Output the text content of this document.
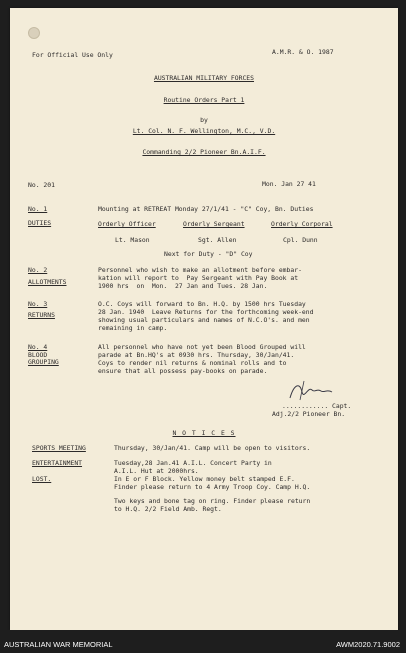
For Official Use Only	A.M.R. & O. 1987
AUSTRALIAN MILITARY FORCES
Routine Orders Part 1
by
Lt. Col. N. F. Wellington, M.C., V.D.
Commanding 2/2 Pioneer Bn.A.I.F.
No. 201	Mon. Jan 27 41
No. 1
DUTIES
Mounting at RETREAT Monday 27/1/41 - "C" Coy, Bn. Duties
Orderly Officer	Orderly Sergeant	Orderly Corporal
Lt. Mason	Sgt. Allen	Cpl. Dunn
Next for Duty - "D" Coy
No. 2
ALLOTMENTS
Personnel who wish to make an allotment before embar-
kation will report to  Pay Sergeant with Pay Book at
1900 hrs  on  Mon.  27 Jan and Tues. 28 Jan.
No. 3
RETURNS
O.C. Coys will forward to Bn. H.Q. by 1500 hrs Tuesday
28 Jan. 1940  Leave Returns for the forthcoming week-end
showing usual particulars and names of N.C.O's. and men
remaining in camp.
No. 4
BLOOD
GROUPING
All personnel who have not yet been Blood Grouped will
parade at Bn.HQ's at 0930 hrs. Thursday, 30/Jan/41.
Coys to render nil returns & nominal rolls and to
ensure that all possess pay-books on parade.
............ Capt.
Adj.2/2 Pioneer Bn.
N O T I C E S
SPORTS MEETING	Thursday, 30/Jan/41. Camp will be open to visitors.
ENTERTAINMENT	Tuesday,28 Jan.41 A.I.L. Concert Party in
A.I.L. Hut at 2000hrs.
LOST.	In E or F Block. Yellow money belt stamped E.F.
Finder please return to 4 Army Troop Coy. Camp H.Q.
Two keys and bone tag on ring. Finder please return
to H.Q. 2/2 Field Amb. Regt.
AUSTRALIAN WAR MEMORIAL	AWM2020.71.9002
